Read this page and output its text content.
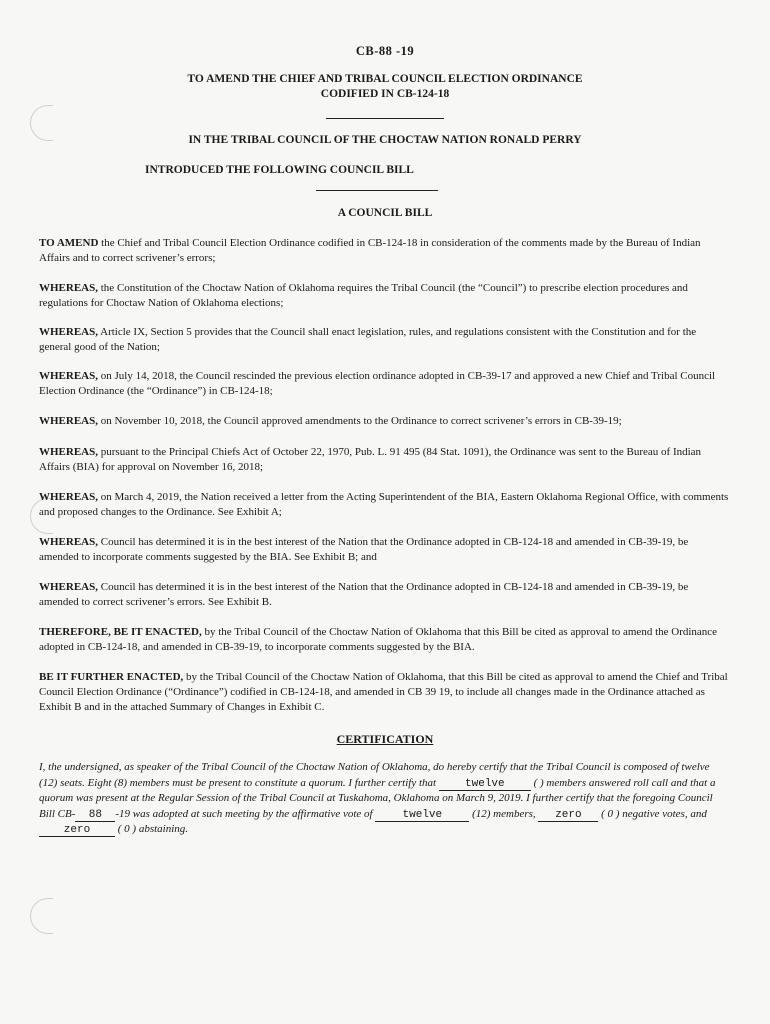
CB-88 -19
TO AMEND THE CHIEF AND TRIBAL COUNCIL ELECTION ORDINANCE
CODIFIED IN CB-124-18
IN THE TRIBAL COUNCIL OF THE CHOCTAW NATION RONALD PERRY
INTRODUCED THE FOLLOWING COUNCIL BILL
A COUNCIL BILL
TO AMEND the Chief and Tribal Council Election Ordinance codified in CB-124-18 in consideration of the comments made by the Bureau of Indian Affairs and to correct scrivener’s errors;
WHEREAS, the Constitution of the Choctaw Nation of Oklahoma requires the Tribal Council (the “Council”) to prescribe election procedures and regulations for Choctaw Nation of Oklahoma elections;
WHEREAS, Article IX, Section 5 provides that the Council shall enact legislation, rules, and regulations consistent with the Constitution and for the general good of the Nation;
WHEREAS, on July 14, 2018, the Council rescinded the previous election ordinance adopted in CB-39-17 and approved a new Chief and Tribal Council Election Ordinance (the “Ordinance”) in CB-124-18;
WHEREAS, on November 10, 2018, the Council approved amendments to the Ordinance to correct scrivener’s errors in CB-39-19;
WHEREAS, pursuant to the Principal Chiefs Act of October 22, 1970, Pub. L. 91 495 (84 Stat. 1091), the Ordinance was sent to the Bureau of Indian Affairs (BIA) for approval on November 16, 2018;
WHEREAS, on March 4, 2019, the Nation received a letter from the Acting Superintendent of the BIA, Eastern Oklahoma Regional Office, with comments and proposed changes to the Ordinance. See Exhibit A;
WHEREAS, Council has determined it is in the best interest of the Nation that the Ordinance adopted in CB-124-18 and amended in CB-39-19, be amended to incorporate comments suggested by the BIA. See Exhibit B; and
WHEREAS, Council has determined it is in the best interest of the Nation that the Ordinance adopted in CB-124-18 and amended in CB-39-19, be amended to correct scrivener’s errors. See Exhibit B.
THEREFORE, BE IT ENACTED, by the Tribal Council of the Choctaw Nation of Oklahoma that this Bill be cited as approval to amend the Ordinance adopted in CB-124-18, and amended in CB-39-19, to incorporate comments suggested by the BIA.
BE IT FURTHER ENACTED, by the Tribal Council of the Choctaw Nation of Oklahoma, that this Bill be cited as approval to amend the Chief and Tribal Council Election Ordinance (“Ordinance”) codified in CB-124-18, and amended in CB 39 19, to include all changes made in the Ordinance attached as Exhibit B and in the attached Summary of Changes in Exhibit C.
CERTIFICATION
I, the undersigned, as speaker of the Tribal Council of the Choctaw Nation of Oklahoma, do hereby certify that the Tribal Council is composed of twelve (12) seats. Eight (8) members must be present to constitute a quorum. I further certify that twelve ( ) members answered roll call and that a quorum was present at the Regular Session of the Tribal Council at Tuskahoma, Oklahoma on March 9, 2019. I further certify that the foregoing Council Bill CB- 88 -19 was adopted at such meeting by the affirmative vote of twelve (12) members, zero ( 0 ) negative votes, and zero ( 0 ) abstaining.
